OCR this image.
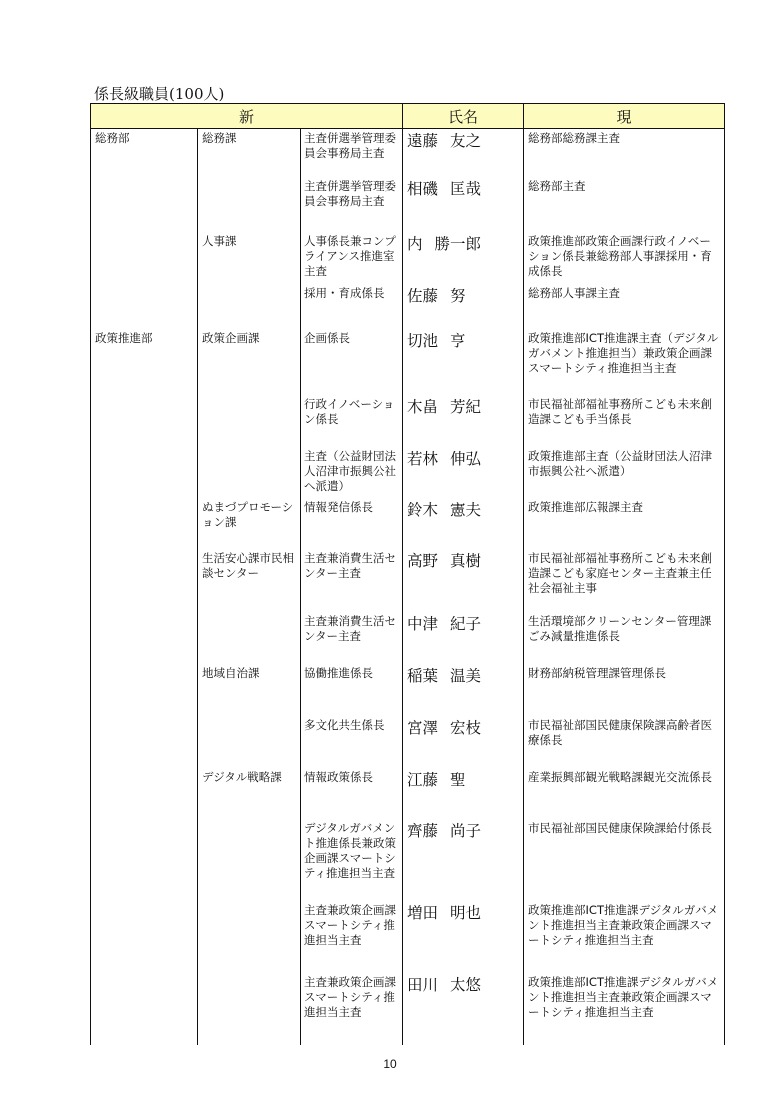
係長級職員(100人)
新			氏名	現
総務部	総務課	主査併選挙管理委員会事務局主査	遠藤 友之	総務部総務課主査
		主査併選挙管理委員会事務局主査	相磯 匡哉	総務部主査
	人事課	人事係長兼コンプライアンス推進室主査	内 勝一郎	政策推進部政策企画課行政イノベーション係長兼総務部人事課採用・育成係長
		採用・育成係長	佐藤 努	総務部人事課主査
政策推進部	政策企画課	企画係長	切池 亨	政策推進部ICT推進課主査（デジタルガバメント推進担当）兼政策企画課スマートシティ推進担当主査
		行政イノベーション係長	木畠 芳紀	市民福祉部福祉事務所こども未来創造課こども手当係長
		主査（公益財団法人沼津市振興公社へ派遣）	若林 伸弘	政策推進部主査（公益財団法人沼津市振興公社へ派遣）
	ぬまづプロモーション課	情報発信係長	鈴木 憲夫	政策推進部広報課主査
	生活安心課市民相談センター	主査兼消費生活センター主査	高野 真樹	市民福祉部福祉事務所こども未来創造課こども家庭センター主査兼主任社会福祉主事
		主査兼消費生活センター主査	中津 紀子	生活環境部クリーンセンター管理課ごみ減量推進係長
	地域自治課	協働推進係長	稲葉 温美	財務部納税管理課管理係長
		多文化共生係長	宮澤 宏枝	市民福祉部国民健康保険課高齢者医療係長
	デジタル戦略課	情報政策係長	江藤 聖	産業振興部観光戦略課観光交流係長
		デジタルガバメント推進係長兼政策企画課スマートシティ推進担当主査	齊藤 尚子	市民福祉部国民健康保険課給付係長
		主査兼政策企画課スマートシティ推進担当主査	増田 明也	政策推進部ICT推進課デジタルガバメント推進担当主査兼政策企画課スマートシティ推進担当主査
		主査兼政策企画課スマートシティ推進担当主査	田川 太悠	政策推進部ICT推進課デジタルガバメント推進担当主査兼政策企画課スマートシティ推進担当主査
10
